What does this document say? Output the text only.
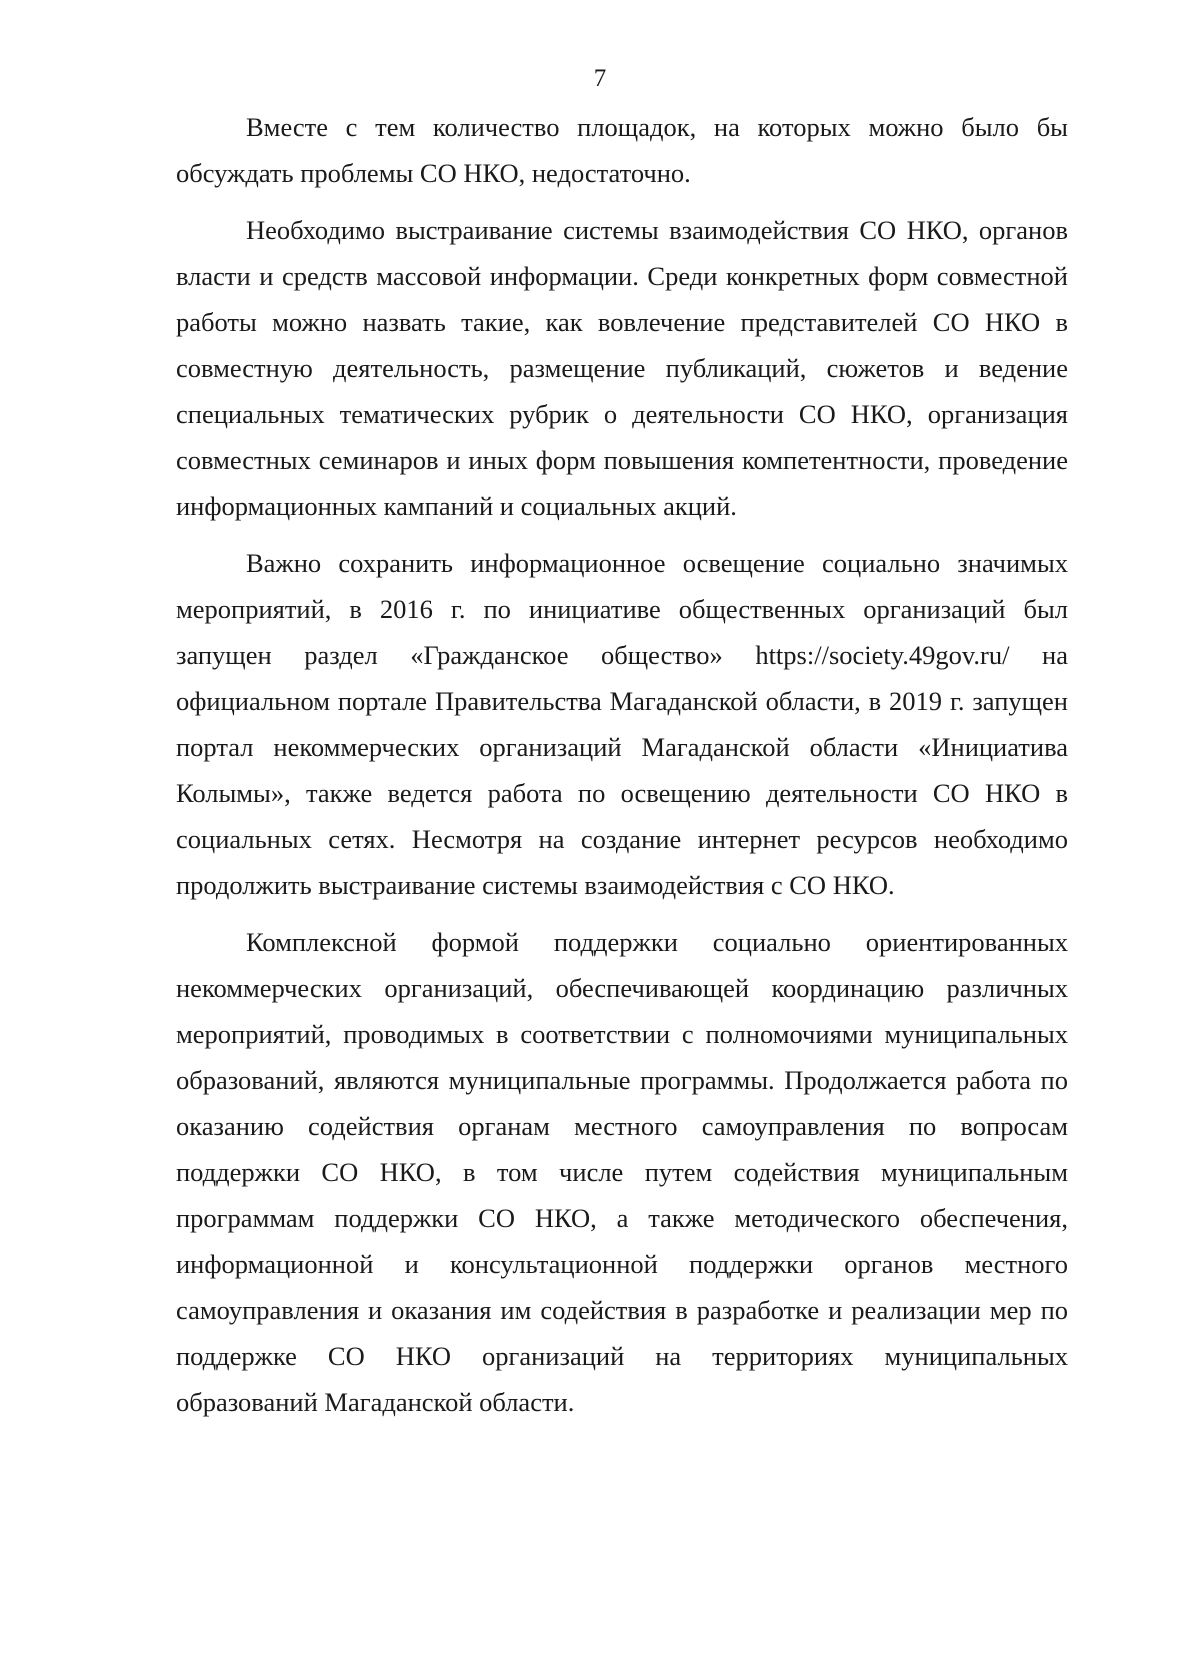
7

Вместе с тем количество площадок, на которых можно было бы обсуждать проблемы СО НКО, недостаточно.

Необходимо выстраивание системы взаимодействия СО НКО, органов власти и средств массовой информации. Среди конкретных форм совместной работы можно назвать такие, как вовлечение представителей СО НКО в совместную деятельность, размещение публикаций, сюжетов и ведение специальных тематических рубрик о деятельности СО НКО, организация совместных семинаров и иных форм повышения компетентности, проведение информационных кампаний и социальных акций.

Важно сохранить информационное освещение социально значимых мероприятий, в 2016 г. по инициативе общественных организаций был запущен раздел «Гражданское общество» https://society.49gov.ru/ на официальном портале Правительства Магаданской области, в 2019 г. запущен портал некоммерческих организаций Магаданской области «Инициатива Колымы», также ведется работа по освещению деятельности СО НКО в социальных сетях. Несмотря на создание интернет ресурсов необходимо продолжить выстраивание системы взаимодействия с СО НКО.

Комплексной формой поддержки социально ориентированных некоммерческих организаций, обеспечивающей координацию различных мероприятий, проводимых в соответствии с полномочиями муниципальных образований, являются муниципальные программы. Продолжается работа по оказанию содействия органам местного самоуправления по вопросам поддержки СО НКО, в том числе путем содействия муниципальным программам поддержки СО НКО, а также методического обеспечения, информационной и консультационной поддержки органов местного самоуправления и оказания им содействия в разработке и реализации мер по поддержке СО НКО организаций на территориях муниципальных образований Магаданской области.
